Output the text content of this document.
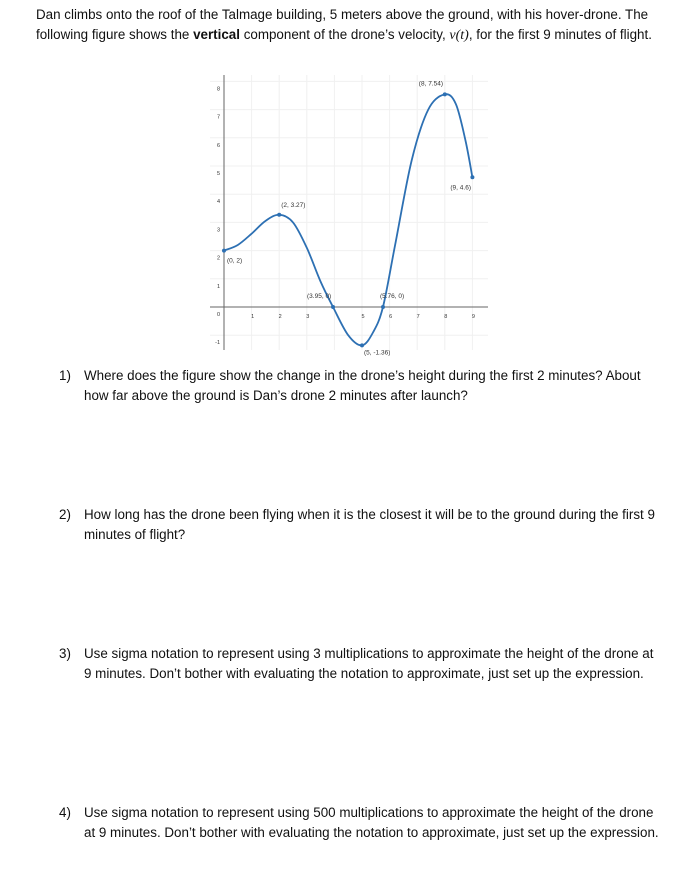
Dan climbs onto the roof of the Talmage building, 5 meters above the ground, with his hover-drone. The following figure shows the vertical component of the drone’s velocity, v(t), for the first 9 minutes of flight.
1	2	3	5	6	7	8	9
8
7
6
5
4
3
2
1
0
-1
(0, 2)
(2, 3.27)
(3.95, 0)
(5, -1.36)
(5.76, 0)
(8, 7.54)
(9, 4.6)
1) Where does the figure show the change in the drone’s height during the first 2 minutes? About how far above the ground is Dan’s drone 2 minutes after launch?
2) How long has the drone been flying when it is the closest it will be to the ground during the first 9 minutes of flight?
3) Use sigma notation to represent using 3 multiplications to approximate the height of the drone at 9 minutes. Don’t bother with evaluating the notation to approximate, just set up the expression.
4) Use sigma notation to represent using 500 multiplications to approximate the height of the drone at 9 minutes. Don’t bother with evaluating the notation to approximate, just set up the expression.
